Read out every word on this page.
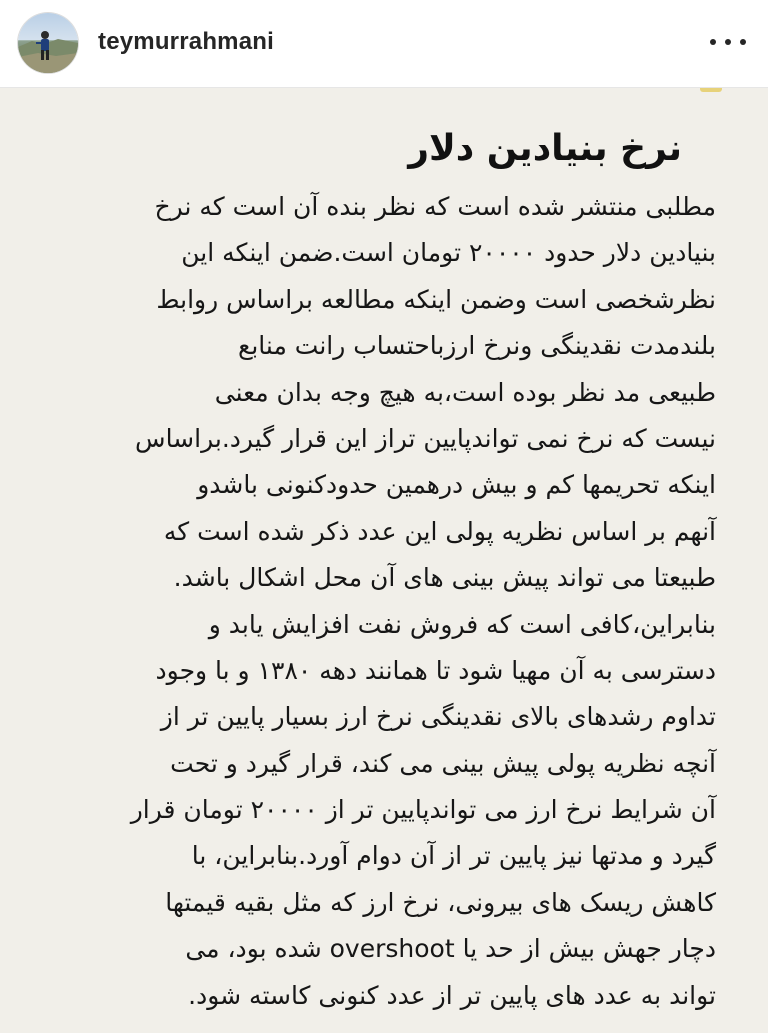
teymurrahmani
نرخ بنیادین دلار
مطلبی منتشر شده است که نظر بنده آن است که نرخ
بنیادین دلار حدود ۲۰۰۰۰ تومان است.ضمن اینکه این
نظرشخصی است وضمن اینکه مطالعه براساس روابط
بلندمدت نقدینگی ونرخ ارزباحتساب رانت منابع
طبیعی مد نظر بوده است،به هیچ وجه بدان معنی
نیست که نرخ نمی تواندپایین تراز این قرار گیرد.براساس
اینکه تحریمها کم و بیش درهمین حدودکنونی باشدو
آنهم بر اساس نظریه پولی این عدد ذکر شده است که
طبیعتا می تواند پیش بینی های آن محل اشکال باشد.
بنابراین،کافی است که فروش نفت افزایش یابد و
دسترسی به آن مهیا شود تا همانند دهه ۱۳۸۰ و با وجود
تداوم رشدهای بالای نقدینگی نرخ ارز بسیار پایین تر از
آنچه نظریه پولی پیش بینی می کند، قرار گیرد و تحت
آن شرایط نرخ ارز می تواندپایین تر از ۲۰۰۰۰ تومان قرار
گیرد و مدتها نیز پایین تر از آن دوام آورد.بنابراین، با
کاهش ریسک های بیرونی، نرخ ارز که مثل بقیه قیمتها
دچار جهش بیش از حد یا overshoot شده بود، می
تواند به عدد های پایین تر از عدد کنونی کاسته شود.
